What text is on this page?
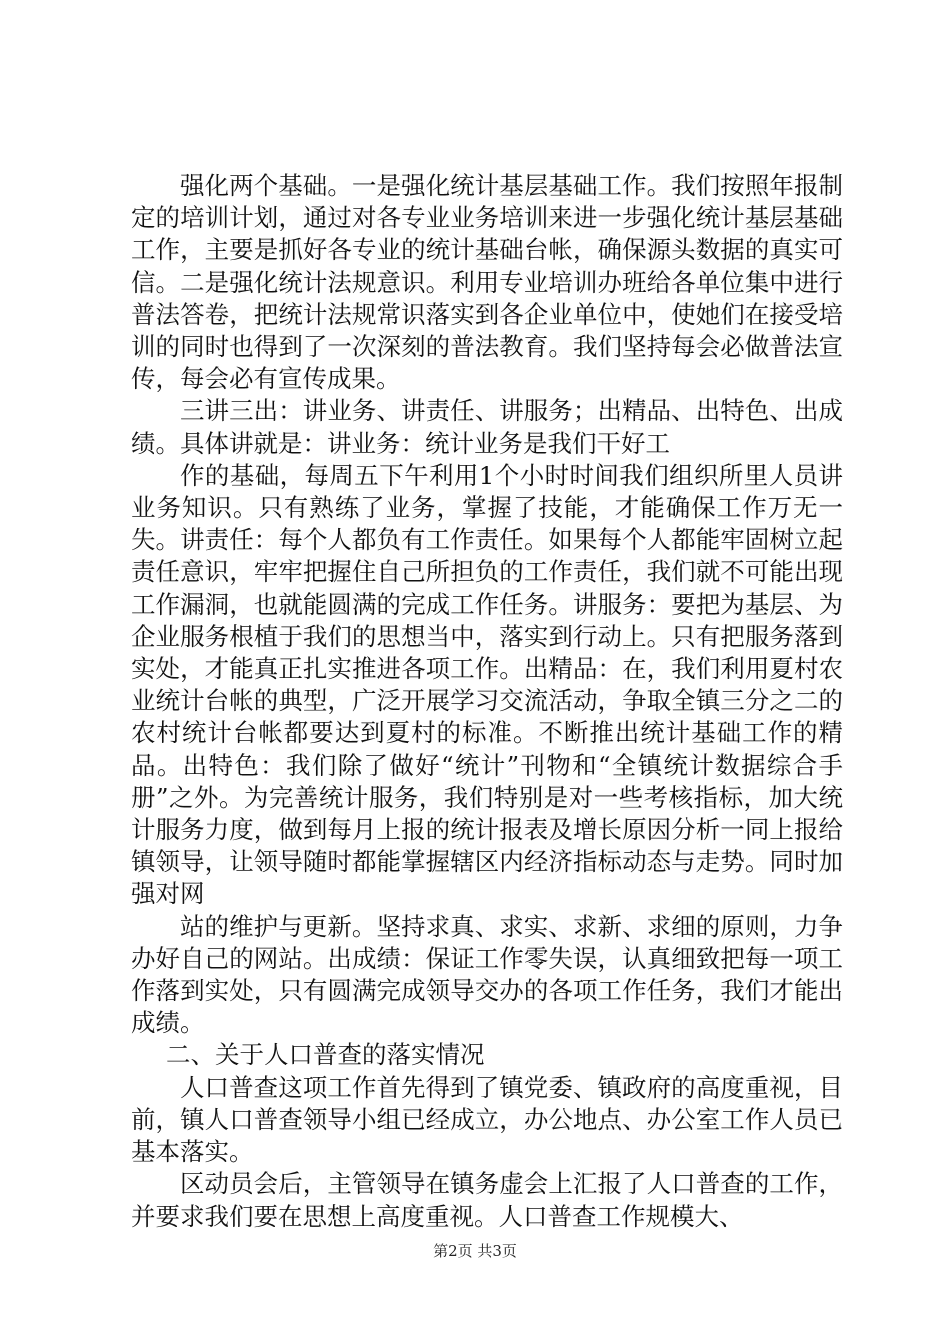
强化两个基础。一是强化统计基层基础工作。我们按照年报制定的培训计划，通过对各专业业务培训来进一步强化统计基层基础工作，主要是抓好各专业的统计基础台帐，确保源头数据的真实可信。二是强化统计法规意识。利用专业培训办班给各单位集中进行普法答卷，把统计法规常识落实到各企业单位中，使她们在接受培训的同时也得到了一次深刻的普法教育。我们坚持每会必做普法宣传，每会必有宣传成果。

三讲三出：讲业务、讲责任、讲服务；出精品、出特色、出成绩。具体讲就是：讲业务：统计业务是我们干好工

作的基础，每周五下午利用1个小时时间我们组织所里人员讲业务知识。只有熟练了业务，掌握了技能，才能确保工作万无一失。讲责任：每个人都负有工作责任。如果每个人都能牢固树立起责任意识，牢牢把握住自己所担负的工作责任，我们就不可能出现工作漏洞，也就能圆满的完成工作任务。讲服务：要把为基层、为企业服务根植于我们的思想当中，落实到行动上。只有把服务落到实处，才能真正扎实推进各项工作。出精品：在，我们利用夏村农业统计台帐的典型，广泛开展学习交流活动，争取全镇三分之二的农村统计台帐都要达到夏村的标准。不断推出统计基础工作的精品。出特色：我们除了做好“统计”刊物和“全镇统计数据综合手册”之外。为完善统计服务，我们特别是对一些考核指标，加大统计服务力度，做到每月上报的统计报表及增长原因分析一同上报给镇领导，让领导随时都能掌握辖区内经济指标动态与走势。同时加强对网

站的维护与更新。坚持求真、求实、求新、求细的原则，力争办好自己的网站。出成绩：保证工作零失误，认真细致把每一项工作落到实处，只有圆满完成领导交办的各项工作任务，我们才能出成绩。

二、关于人口普查的落实情况

人口普查这项工作首先得到了镇党委、镇政府的高度重视，目前，镇人口普查领导小组已经成立，办公地点、办公室工作人员已基本落实。

区动员会后，主管领导在镇务虚会上汇报了人口普查的工作，并要求我们要在思想上高度重视。人口普查工作规模大、

第2页 共3页
